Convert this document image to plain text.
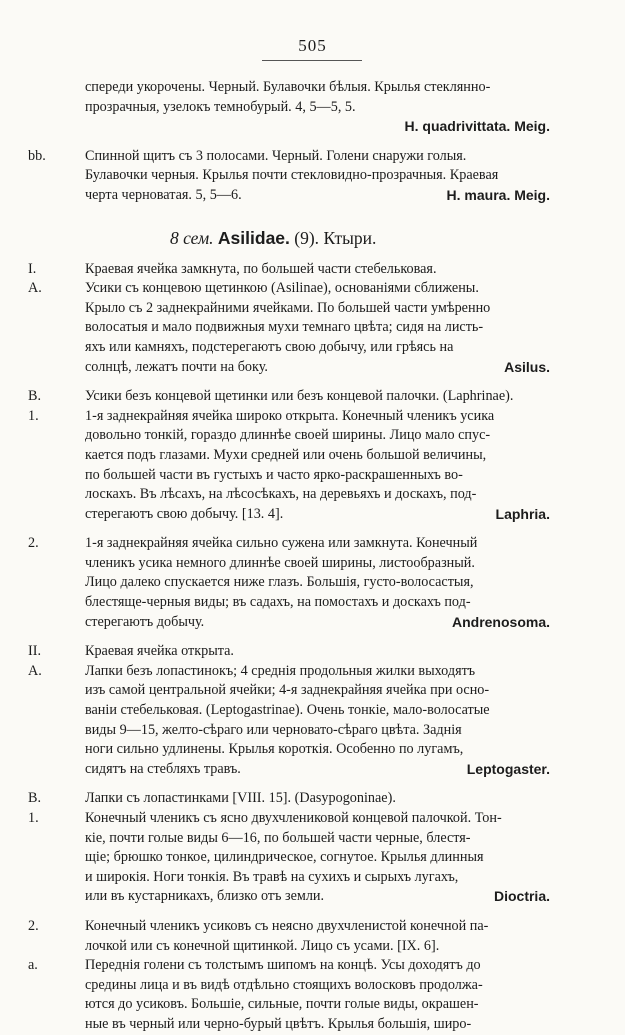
505
спереди укорочены. Черный. Булавочки бѣлыя. Крылья стеклянно-
прозрачныя, узелокъ темнобурый. 4, 5—5, 5.
H. quadrivittata. Meig.
bb.	Спинной щитъ съ 3 полосами. Черный. Голени снаружи голыя.
Булавочки черныя. Крылья почти стекловидно-прозрачныя. Краевая
черта черноватая. 5, 5—6.	H. maura. Meig.
8 сем. Asilidae. (9). Ктыри.
I.	Краевая ячейка замкнута, по большей части стебельковая.
A.	Усики съ концевою щетинкою (Asilinae), основаніями сближены.
Крыло съ 2 заднекрайними ячейками. По большей части умѣренно
волосатыя и мало подвижныя мухи темнаго цвѣта; сидя на листь-
яхъ или камняхъ, подстерегаютъ свою добычу, или грѣясь на
солнцѣ, лежатъ почти на боку.	Asilus.
B.	Усики безъ концевой щетинки или безъ концевой палочки. (Laphrinae).
1.	1-я заднекрайняя ячейка широко открыта. Конечный членикъ усика
довольно тонкій, гораздо длиннѣе своей ширины. Лицо мало спус-
кается подъ глазами. Мухи средней или очень большой величины,
по большей части въ густыхъ и часто ярко-раскрашенныхъ во-
лоскахъ. Въ лѣсахъ, на лѣсосѣкахъ, на деревьяхъ и доскахъ, под-
стерегаютъ свою добычу. [13. 4].	Laphria.
2.	1-я заднекрайняя ячейка сильно сужена или замкнута. Конечный
членикъ усика немного длиннѣе своей ширины, листообразный.
Лицо далеко спускается ниже глазъ. Большія, густо-волосастыя,
блестяще-черныя виды; въ садахъ, на помостахъ и доскахъ под-
стерегаютъ добычу.	Andrenosoma.
II.	Краевая ячейка открыта.
A.	Лапки безъ лопастинокъ; 4 среднія продольныя жилки выходятъ
изъ самой центральной ячейки; 4-я заднекрайняя ячейка при осно-
ваніи стебельковая. (Leptogastrinae). Очень тонкіе, мало-волосатые
виды 9—15, желто-сѣраго или черновато-сѣраго цвѣта. Заднія
ноги сильно удлинены. Крылья короткія. Особенно по лугамъ,
сидятъ на стебляхъ травъ.	Leptogaster.
B.	Лапки съ лопастинками [VIII. 15]. (Dasypogoninae).
1.	Конечный членикъ съ ясно двухчлениковой концевой палочкой. Тон-
кіе, почти голые виды 6—16, по большей части черные, блестя-
щіе; брюшко тонкое, цилиндрическое, согнутое. Крылья длинныя
и широкія. Ноги тонкія. Въ травѣ на сухихъ и сырыхъ лугахъ,
или въ кустарникахъ, близко отъ земли.	Dioctria.
2.	Конечный членикъ усиковъ съ неясно двухчленистой конечной па-
лочкой или съ конечной щитинкой. Лицо съ усами. [IX. 6].
a.	Переднія голени съ толстымъ шипомъ на концѣ. Усы доходятъ до
средины лица и въ видѣ отдѣльно стоящихъ волосковъ продолжа-
ются до усиковъ. Большіе, сильные, почти голые виды, окрашен-
ные въ черный или черно-бурый цвѣтъ. Крылья большія, широ-
